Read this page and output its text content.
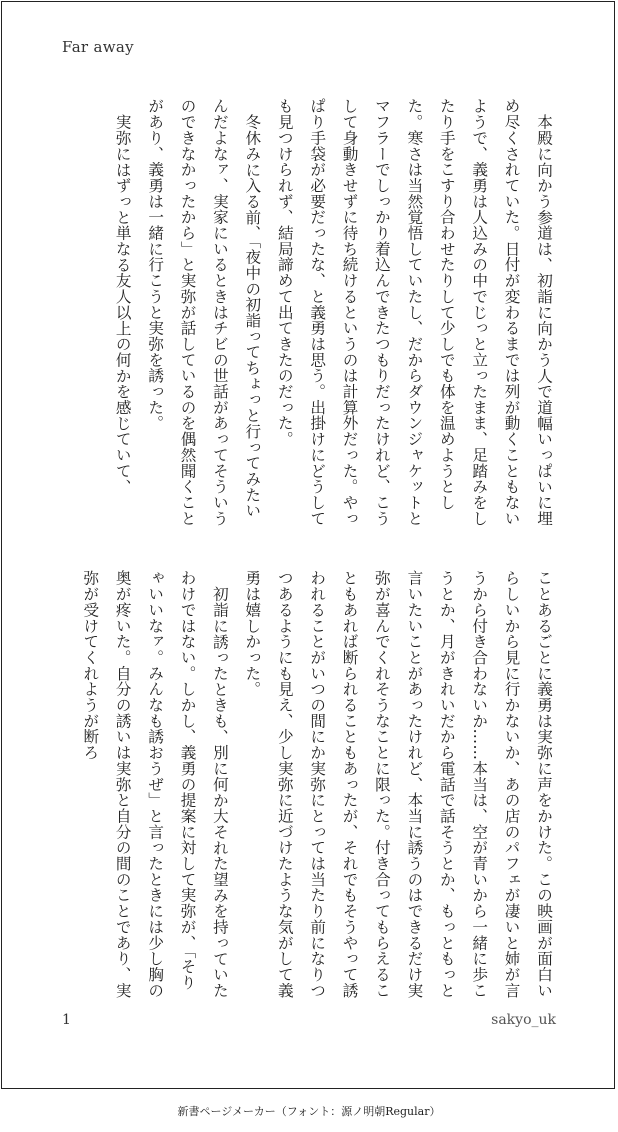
Far away

本殿に向かう参道は、初詣に向かう人で道幅いっぱいに埋め尽くされていた。日付が変わるまでは列が動くこともないようで、義勇は人込みの中でじっと立ったまま、足踏みをしたり手をこすり合わせたりして少しでも体を温めようとした。寒さは当然覚悟していたし、だからダウンジャケットとマフラーでしっかり着込んできたつもりだったけれど、こうして身動きせずに待ち続けるというのは計算外だった。やっぱり手袋が必要だったな、と義勇は思う。出掛けにどうしても見つけられず、結局諦めて出てきたのだった。

冬休みに入る前、「夜中の初詣ってちょっと行ってみたいんだよなァ、実家にいるときはチビの世話があってそういうのできなかったから」と実弥が話しているのを偶然聞くことがあり、義勇は一緒に行こうと実弥を誘った。

実弥にはずっと単なる友人以上の何かを感じていて、

ことあるごとに義勇は実弥に声をかけた。この映画が面白いらしいから見に行かないか、あの店のパフェが凄いと姉が言うから付き合わないか……本当は、空が青いから一緒に歩こうとか、月がきれいだから電話で話そうとか、もっともっと言いたいことがあったけれど、本当に誘うのはできるだけ実弥が喜んでくれそうなことに限った。付き合ってもらえることもあれば断られることもあったが、それでもそうやって誘われることがいつの間にか実弥にとっては当たり前になりつつあるようにも見え、少し実弥に近づけたような気がして義勇は嬉しかった。

初詣に誘ったときも、別に何か大それた望みを持っていたわけではない。しかし、義勇の提案に対して実弥が、「そりゃいいなァ。みんなも誘おうぜ」と言ったときには少し胸の奥が疼いた。自分の誘いは実弥と自分の間のことであり、実弥が受けてくれようが断ろ

1	sakyo_uk
新書ページメーカー（フォント：源ノ明朝Regular）
